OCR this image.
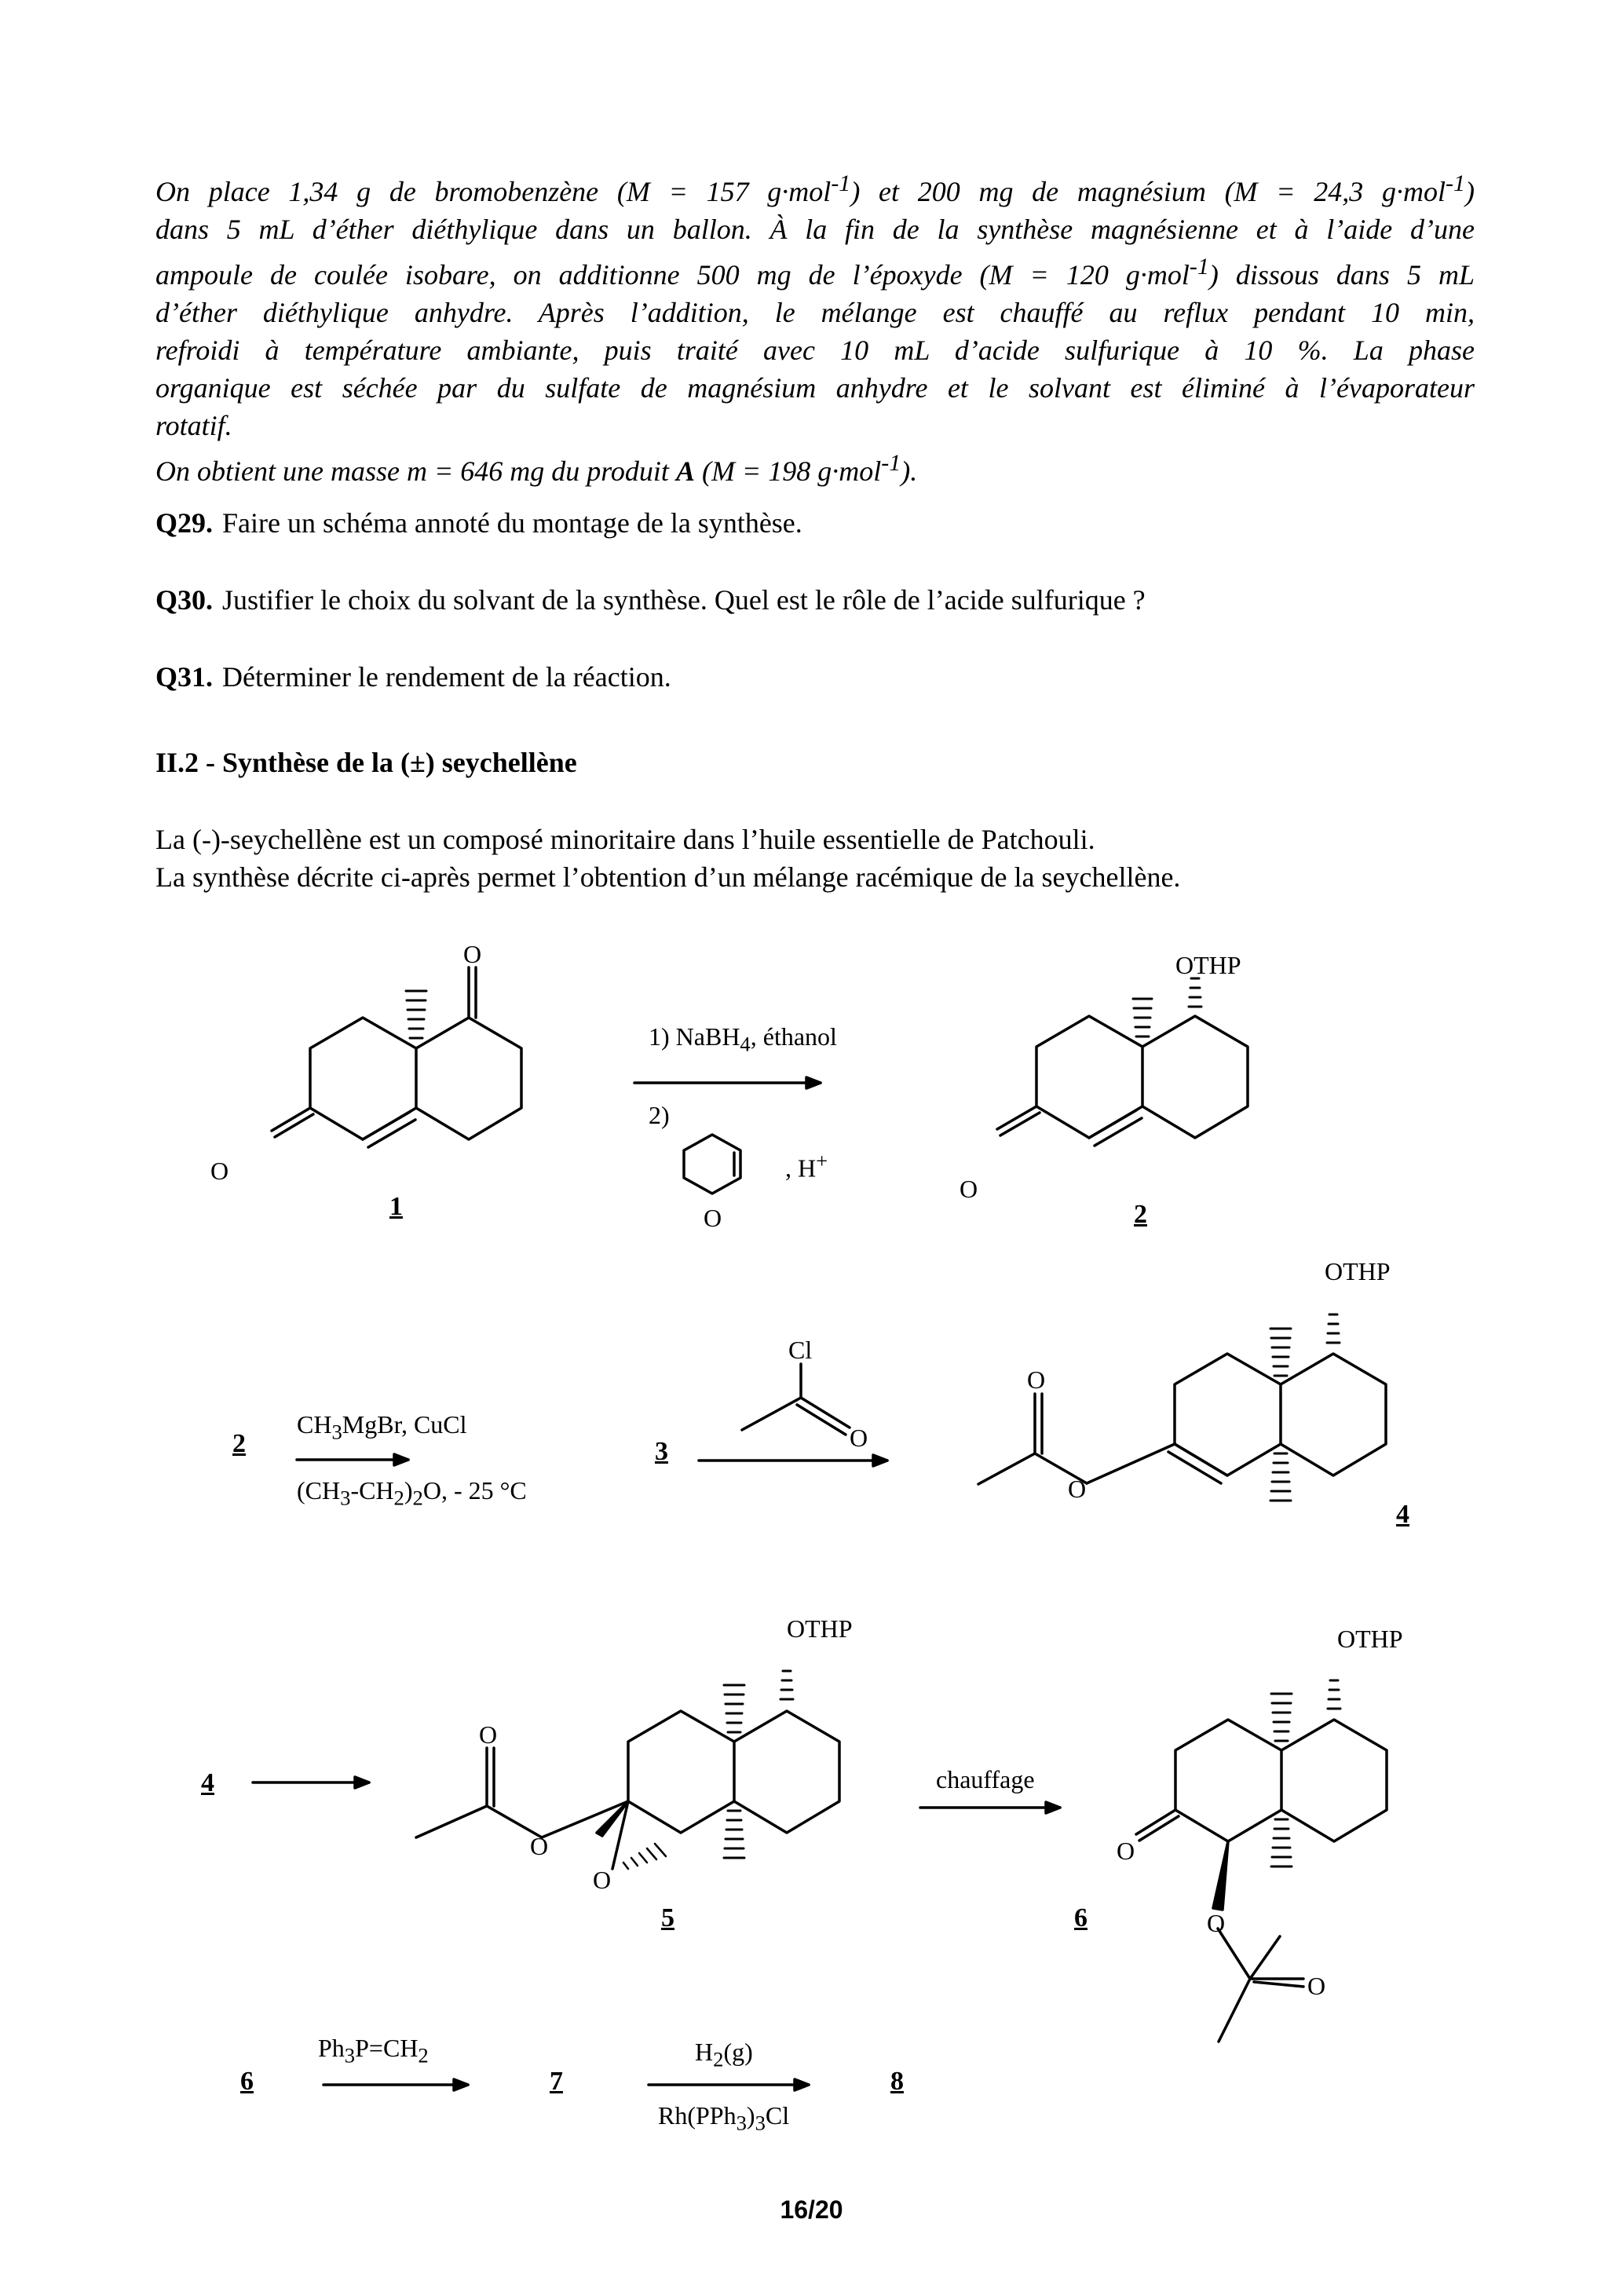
On place 1,34 g de bromobenzène (M = 157 g·mol$^{-1}$) et 200 mg de magnésium (M = 24,3 g·mol$^{-1}$)
dans 5 mL d’éther diéthylique dans un ballon. À la fin de la synthèse magnésienne et à l’aide d’une
ampoule de coulée isobare, on additionne 500 mg de l’époxyde (M = 120 g·mol$^{-1}$) dissous dans 5 mL
d’éther diéthylique anhydre. Après l’addition, le mélange est chauffé au reflux pendant 10 min,
refroidi à température ambiante, puis traité avec 10 mL d’acide sulfurique à 10 %. La phase
organique est séchée par du sulfate de magnésium anhydre et le solvant est éliminé à l’évaporateur
rotatif.
On obtient une masse m = 646 mg du produit A (M = 198 g·mol$^{-1}$).
Q29. Faire un schéma annoté du montage de la synthèse.
Q30. Justifier le choix du solvant de la synthèse. Quel est le rôle de l’acide sulfurique ?
Q31. Déterminer le rendement de la réaction.
II.2 - Synthèse de la (±) seychellène
La (-)-seychellène est un composé minoritaire dans l’huile essentielle de Patchouli.
La synthèse décrite ci-après permet l’obtention d’un mélange racémique de la seychellène.
O
O
O
OTHP
O
Cl
O
OTHP
O
O
OTHP
O
O
O
OTHP
O
O
O
1) NaBH$_4$, éthanol
2)
, H+
$CH_3MgBr$, CuCl
$(CH_3-CH_2)_2O$, - 25 °C
chauffage
$Ph_3P=CH_2$	$H_2(g)$
$Rh(PPh_3)_3Cl$
1	2
2	3
4
4
5	6
6	7	8
16/20
